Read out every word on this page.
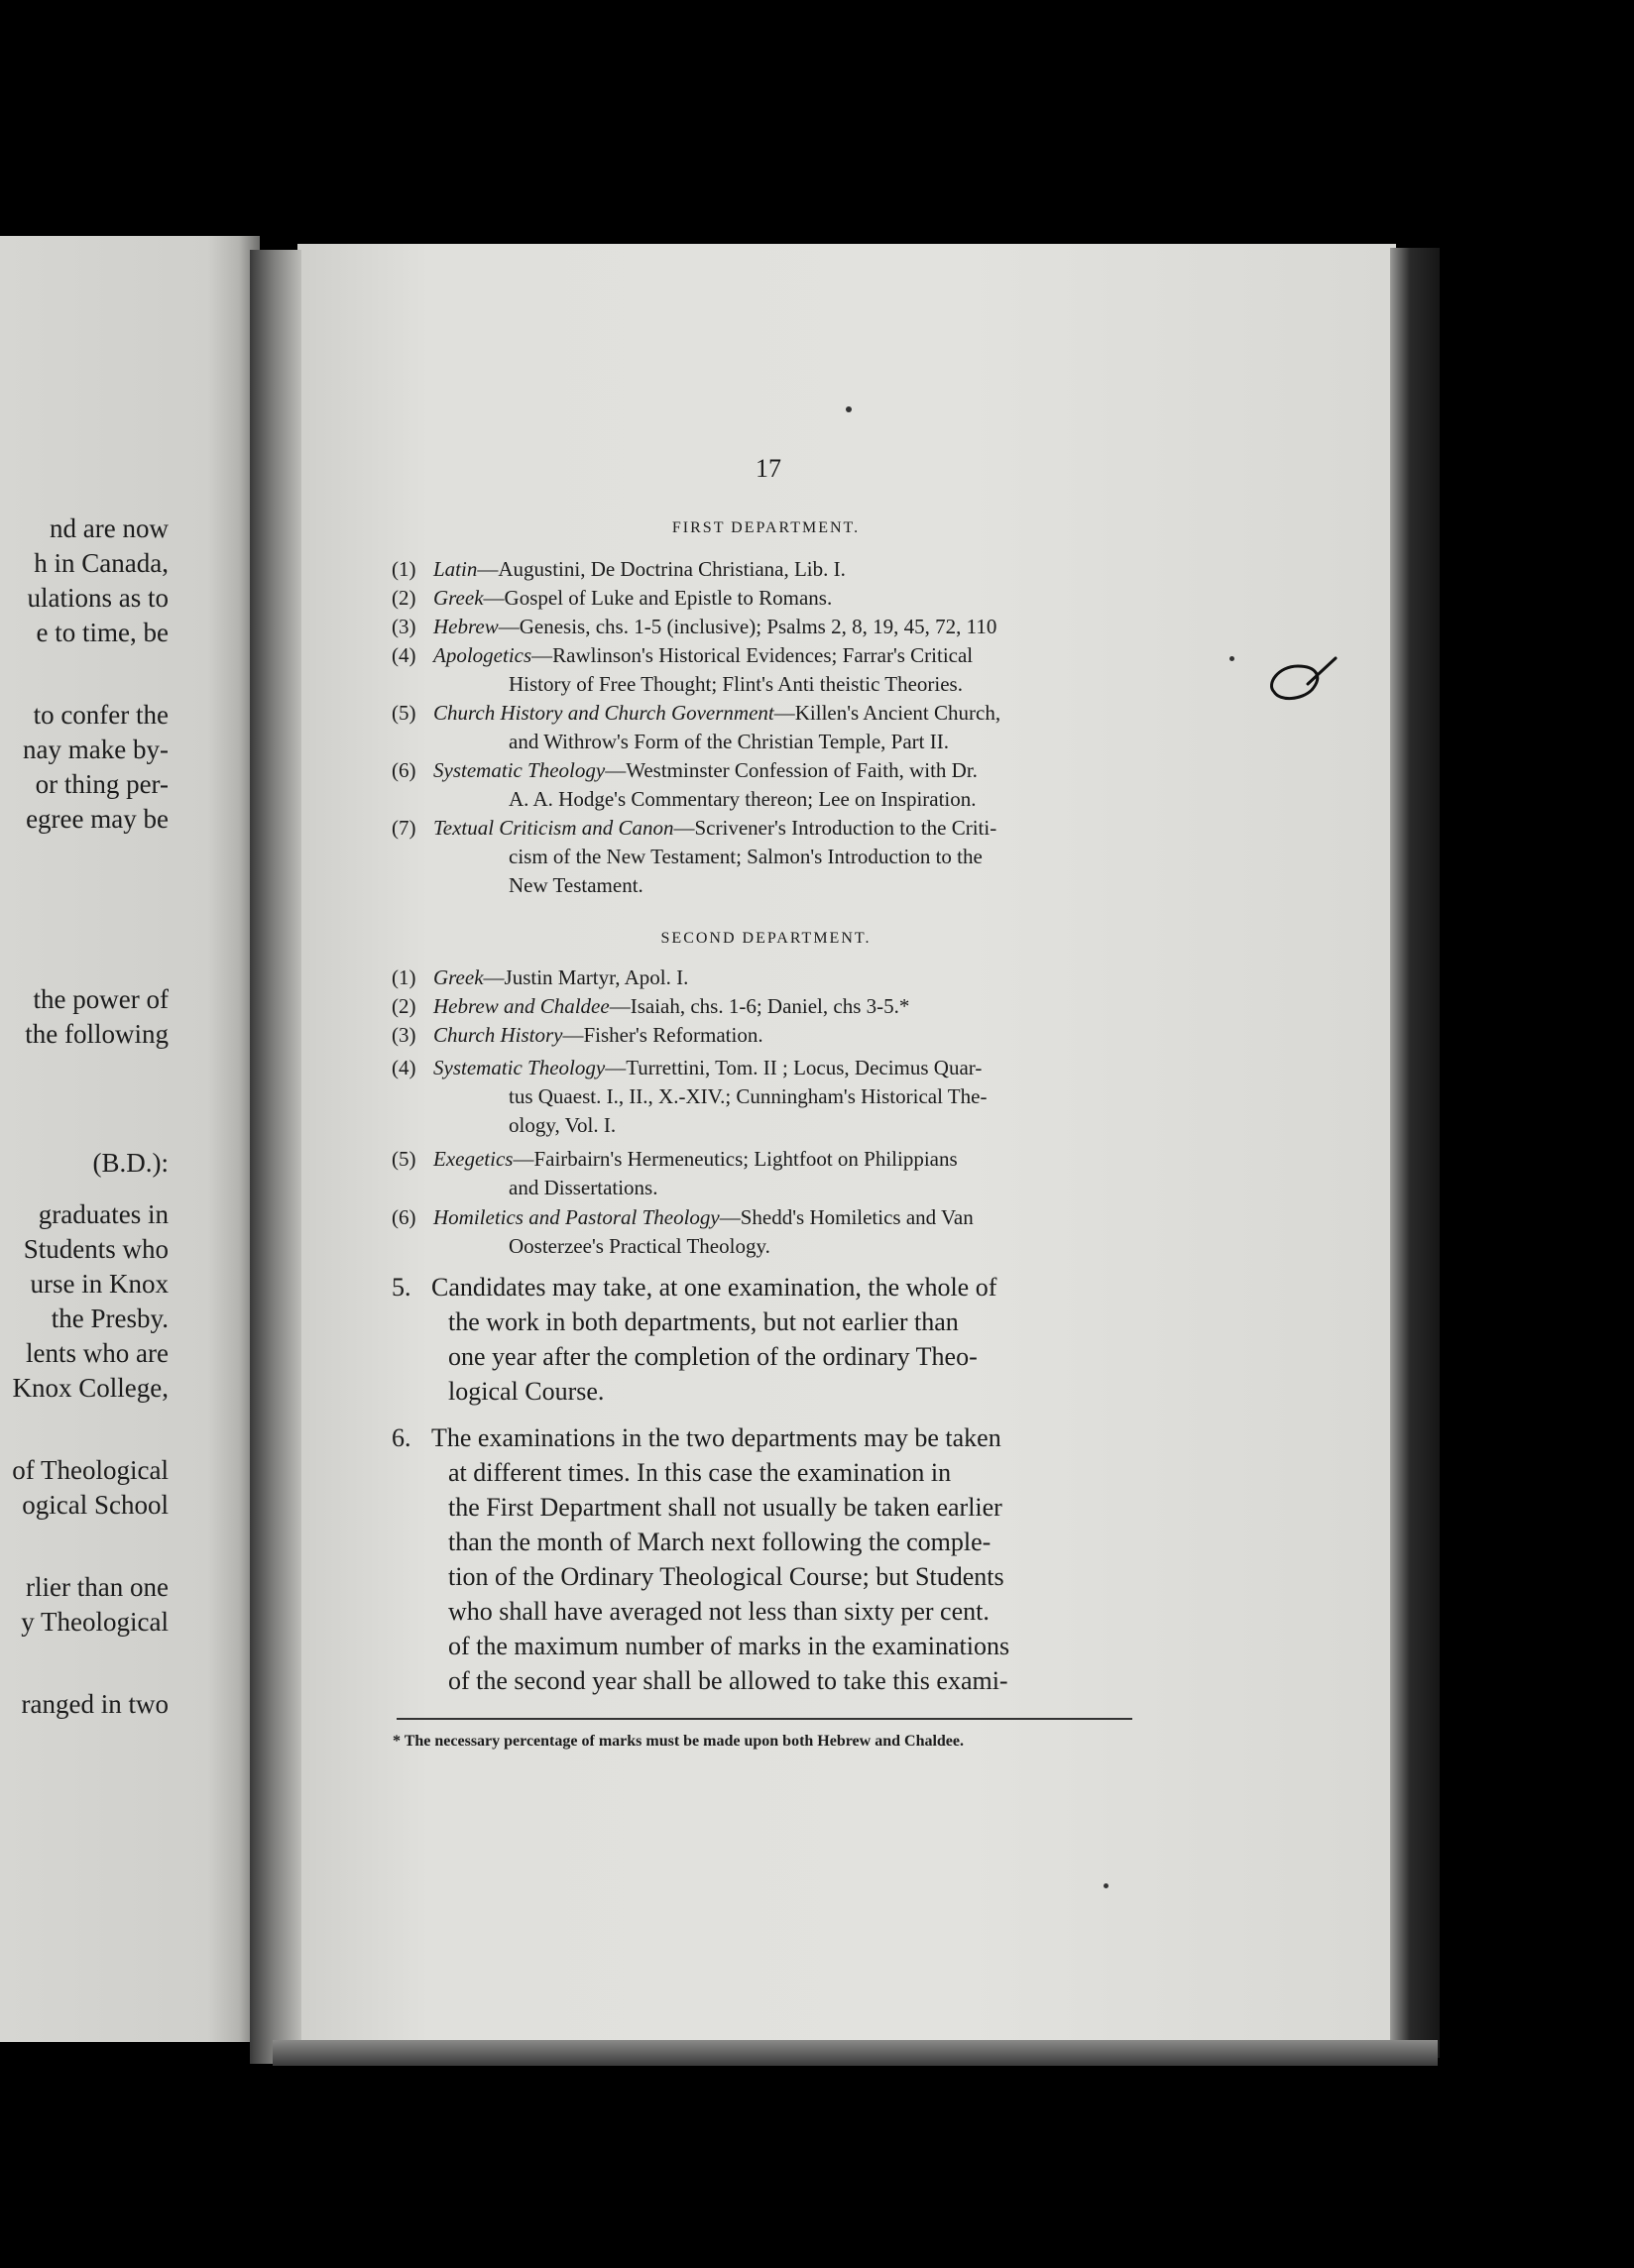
nd are now
h in Canada,
ulations as to
e to time, be
to confer the
nay make by-
or thing per-
egree may be
the power of
the following
(B.D.):
graduates in
Students who
urse in Knox
the Presby.
lents who are
Knox College,
of Theological
ogical School
rlier than one
y Theological
ranged in two
17
FIRST DEPARTMENT.
(1) Latin—Augustini, De Doctrina Christiana, Lib. I.
(2) Greek—Gospel of Luke and Epistle to Romans.
(3) Hebrew—Genesis, chs. 1-5 (inclusive); Psalms 2, 8, 19, 45, 72, 110
(4) Apologetics—Rawlinson's Historical Evidences; Farrar's Critical
History of Free Thought; Flint's Anti theistic Theories.
(5) Church History and Church Government—Killen's Ancient Church,
and Withrow's Form of the Christian Temple, Part II.
(6) Systematic Theology—Westminster Confession of Faith, with Dr.
A. A. Hodge's Commentary thereon; Lee on Inspiration.
(7) Textual Criticism and Canon—Scrivener's Introduction to the Criti-
cism of the New Testament; Salmon's Introduction to the
New Testament.
SECOND DEPARTMENT.
(1) Greek—Justin Martyr, Apol. I.
(2) Hebrew and Chaldee—Isaiah, chs. 1-6; Daniel, chs 3-5.*
(3) Church History—Fisher's Reformation.
(4) Systematic Theology—Turrettini, Tom. II ; Locus, Decimus Quar-
tus Quaest. I., II., X.-XIV.; Cunningham's Historical The-
ology, Vol. I.
(5) Exegetics—Fairbairn's Hermeneutics; Lightfoot on Philippians
and Dissertations.
(6) Homiletics and Pastoral Theology—Shedd's Homiletics and Van
Oosterzee's Practical Theology.
5. Candidates may take, at one examination, the whole of
the work in both departments, but not earlier than
one year after the completion of the ordinary Theo-
logical Course.
6. The examinations in the two departments may be taken
at different times. In this case the examination in
the First Department shall not usually be taken earlier
than the month of March next following the comple-
tion of the Ordinary Theological Course; but Students
who shall have averaged not less than sixty per cent.
of the maximum number of marks in the examinations
of the second year shall be allowed to take this exami-
* The necessary percentage of marks must be made upon both Hebrew and Chaldee.
